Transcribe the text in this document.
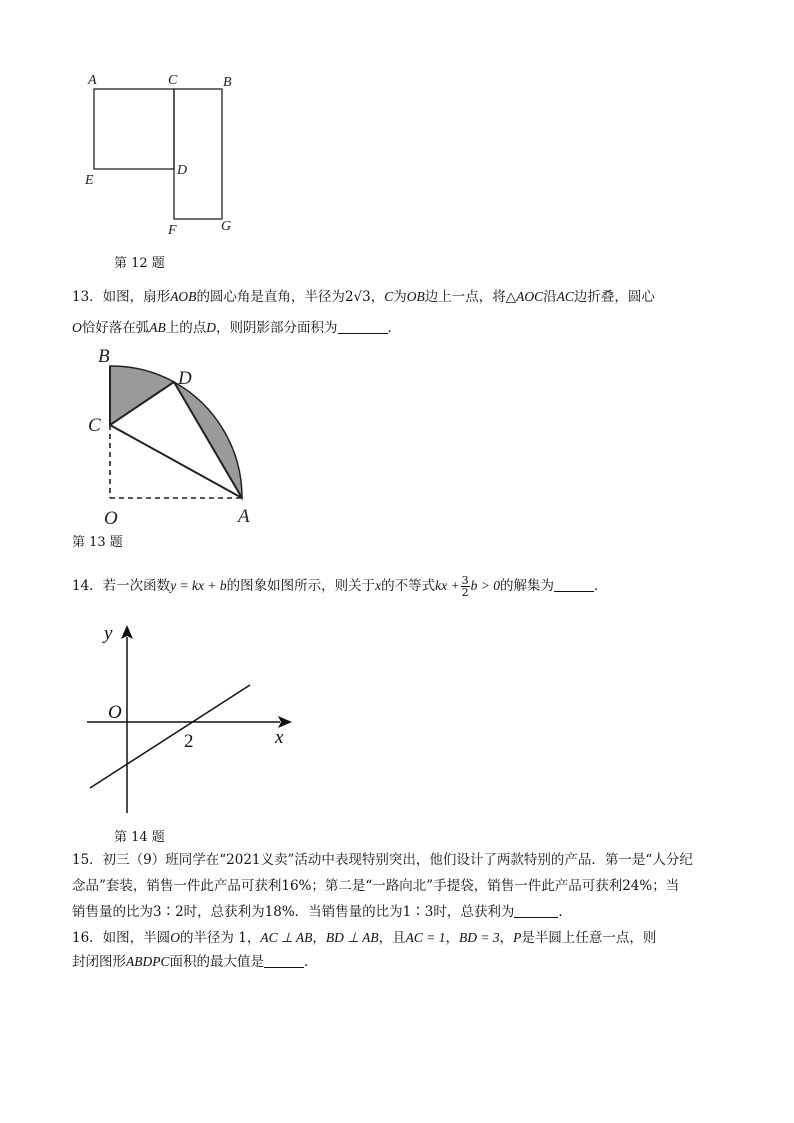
A	C	B
E
D
F	G
第 12 题
13．如图，扇形AOB的圆心角是直角，半径为2√3，C为OB边上一点，将△AOC沿AC边折叠，圆心
O恰好落在弧AB上的点D，则阴影部分面积为	．
B
D
C
O	A
第 13 题
14．若一次函数y = kx + b的图象如图所示，则关于x的不等式kx + $\frac{3}{2}$ b > 0的解集为	．
y
O
x
2
第 14 题
15．初三（9）班同学在“2021义卖”活动中表现特别突出，他们设计了两款特别的产品．第一是“人分纪
念品”套装，销售一件此产品可获利16%；第二是“一路向北”手提袋，销售一件此产品可获利24%；当
销售量的比为3∶2时，总获利为18%．当销售量的比为1∶3时，总获利为	．
16．如图，半圆O的半径为 1，AC ⊥ AB，BD ⊥ AB，且AC = 1，BD = 3，P是半圆上任意一点，则
封闭图形ABDPC面积的最大值是	．
